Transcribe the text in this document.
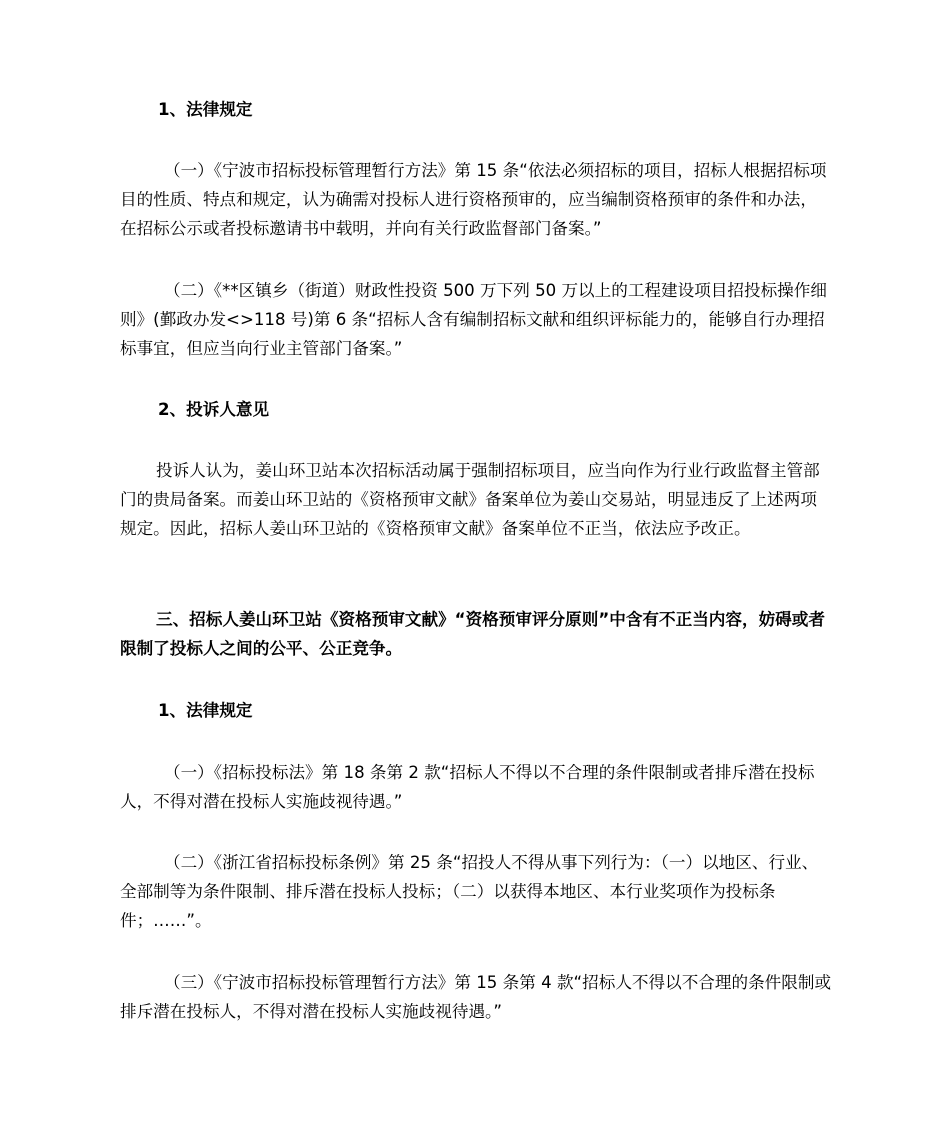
1、法律规定

（一）《宁波市招标投标管理暂行方法》第 15 条“依法必须招标的项目，招标人根据招标项目的性质、特点和规定，认为确需对投标人进行资格预审的，应当编制资格预审的条件和办法，在招标公示或者投标邀请书中载明，并向有关行政监督部门备案。”

（二）《**区镇乡（街道）财政性投资 500 万下列 50 万以上的工程建设项目招投标操作细则》(鄞政办发<>118 号)第 6 条“招标人含有编制招标文献和组织评标能力的，能够自行办理招标事宜，但应当向行业主管部门备案。”

2、投诉人意见

投诉人认为，姜山环卫站本次招标活动属于强制招标项目，应当向作为行业行政监督主管部门的贵局备案。而姜山环卫站的《资格预审文献》备案单位为姜山交易站，明显违反了上述两项规定。因此，招标人姜山环卫站的《资格预审文献》备案单位不正当，依法应予改正。

三、招标人姜山环卫站《资格预审文献》“资格预审评分原则”中含有不正当内容，妨碍或者限制了投标人之间的公平、公正竞争。

1、法律规定

（一）《招标投标法》第 18 条第 2 款“招标人不得以不合理的条件限制或者排斥潜在投标人，不得对潜在投标人实施歧视待遇。”

（二）《浙江省招标投标条例》第 25 条“招投人不得从事下列行为：（一）以地区、行业、全部制等为条件限制、排斥潜在投标人投标；（二）以获得本地区、本行业奖项作为投标条件；……”。

（三）《宁波市招标投标管理暂行方法》第 15 条第 4 款“招标人不得以不合理的条件限制或排斥潜在投标人，不得对潜在投标人实施歧视待遇。”
